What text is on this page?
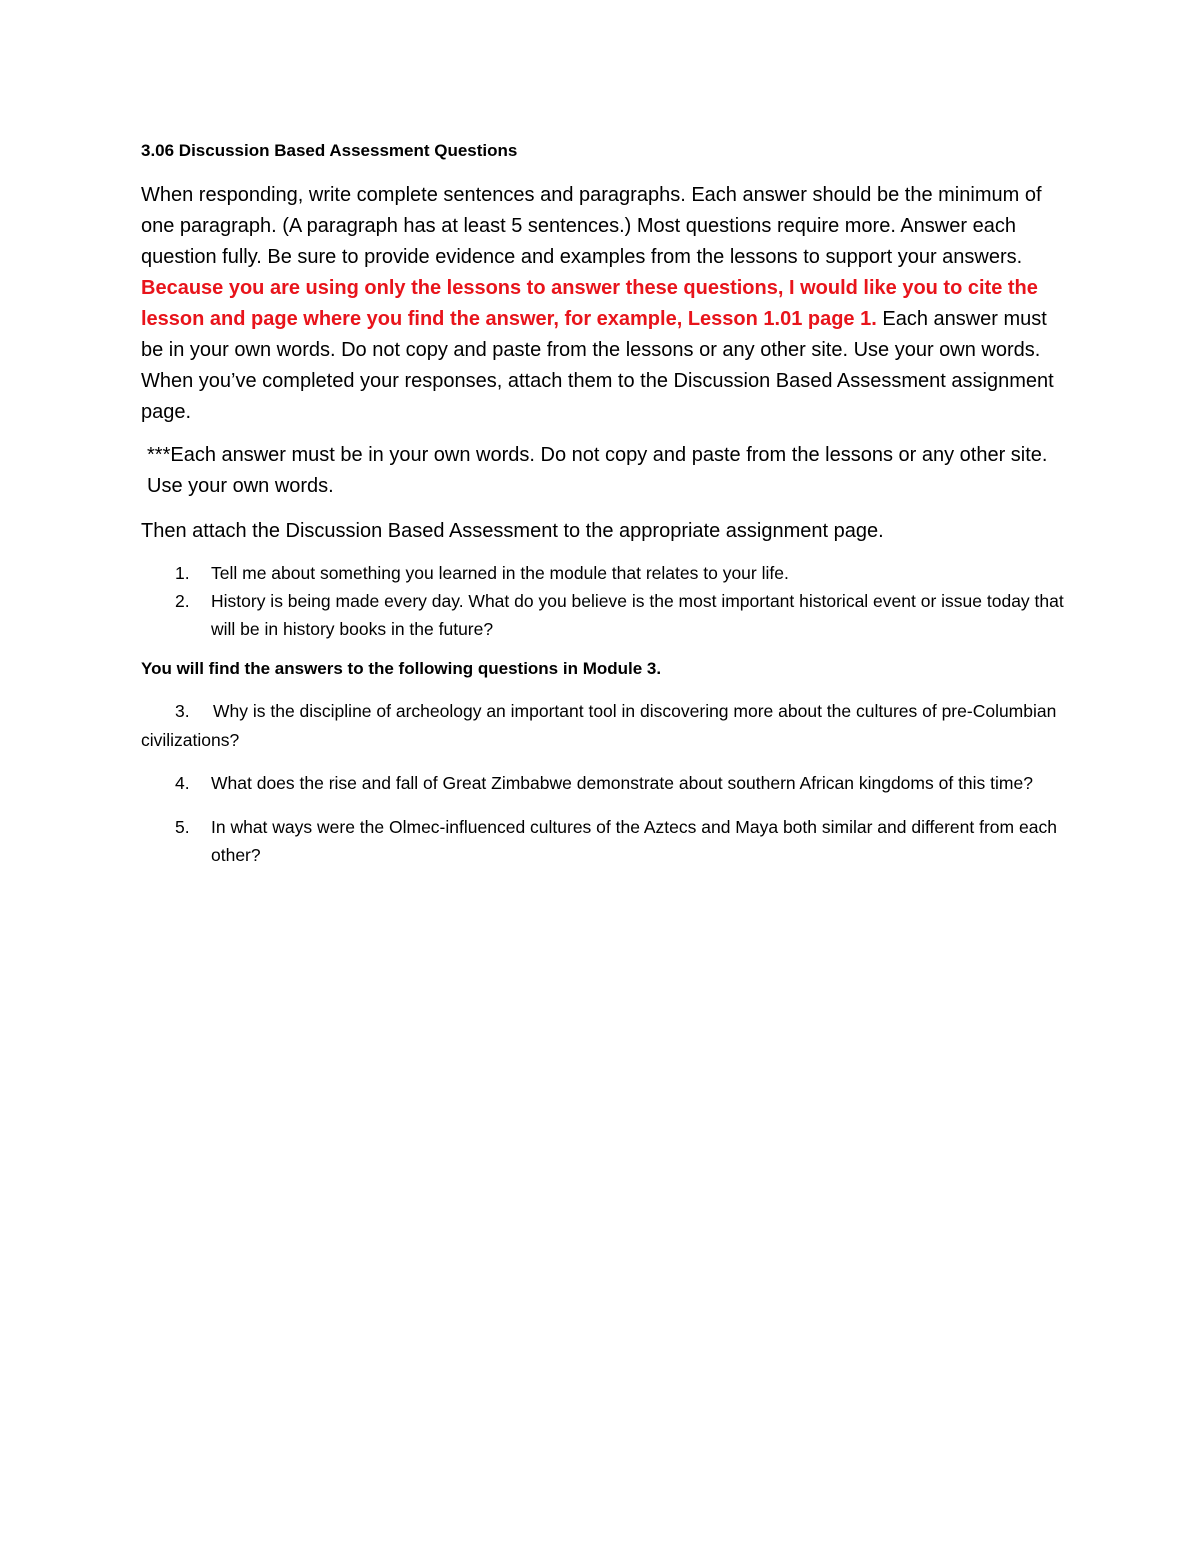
3.06 Discussion Based Assessment Questions

When responding, write complete sentences and paragraphs. Each answer should be the minimum of one paragraph. (A paragraph has at least 5 sentences.) Most questions require more. Answer each question fully. Be sure to provide evidence and examples from the lessons to support your answers. Because you are using only the lessons to answer these questions, I would like you to cite the lesson and page where you find the answer, for example, Lesson 1.01 page 1. Each answer must be in your own words. Do not copy and paste from the lessons or any other site. Use your own words. When you’ve completed your responses, attach them to the Discussion Based Assessment assignment page.

***Each answer must be in your own words. Do not copy and paste from the lessons or any other site. Use your own words.

Then attach the Discussion Based Assessment to the appropriate assignment page.

1. Tell me about something you learned in the module that relates to your life.
2. History is being made every day. What do you believe is the most important historical event or issue today that will be in history books in the future?

You will find the answers to the following questions in Module 3.

3. Why is the discipline of archeology an important tool in discovering more about the cultures of pre-Columbian civilizations?

4. What does the rise and fall of Great Zimbabwe demonstrate about southern African kingdoms of this time?
5. In what ways were the Olmec-influenced cultures of the Aztecs and Maya both similar and different from each other?
